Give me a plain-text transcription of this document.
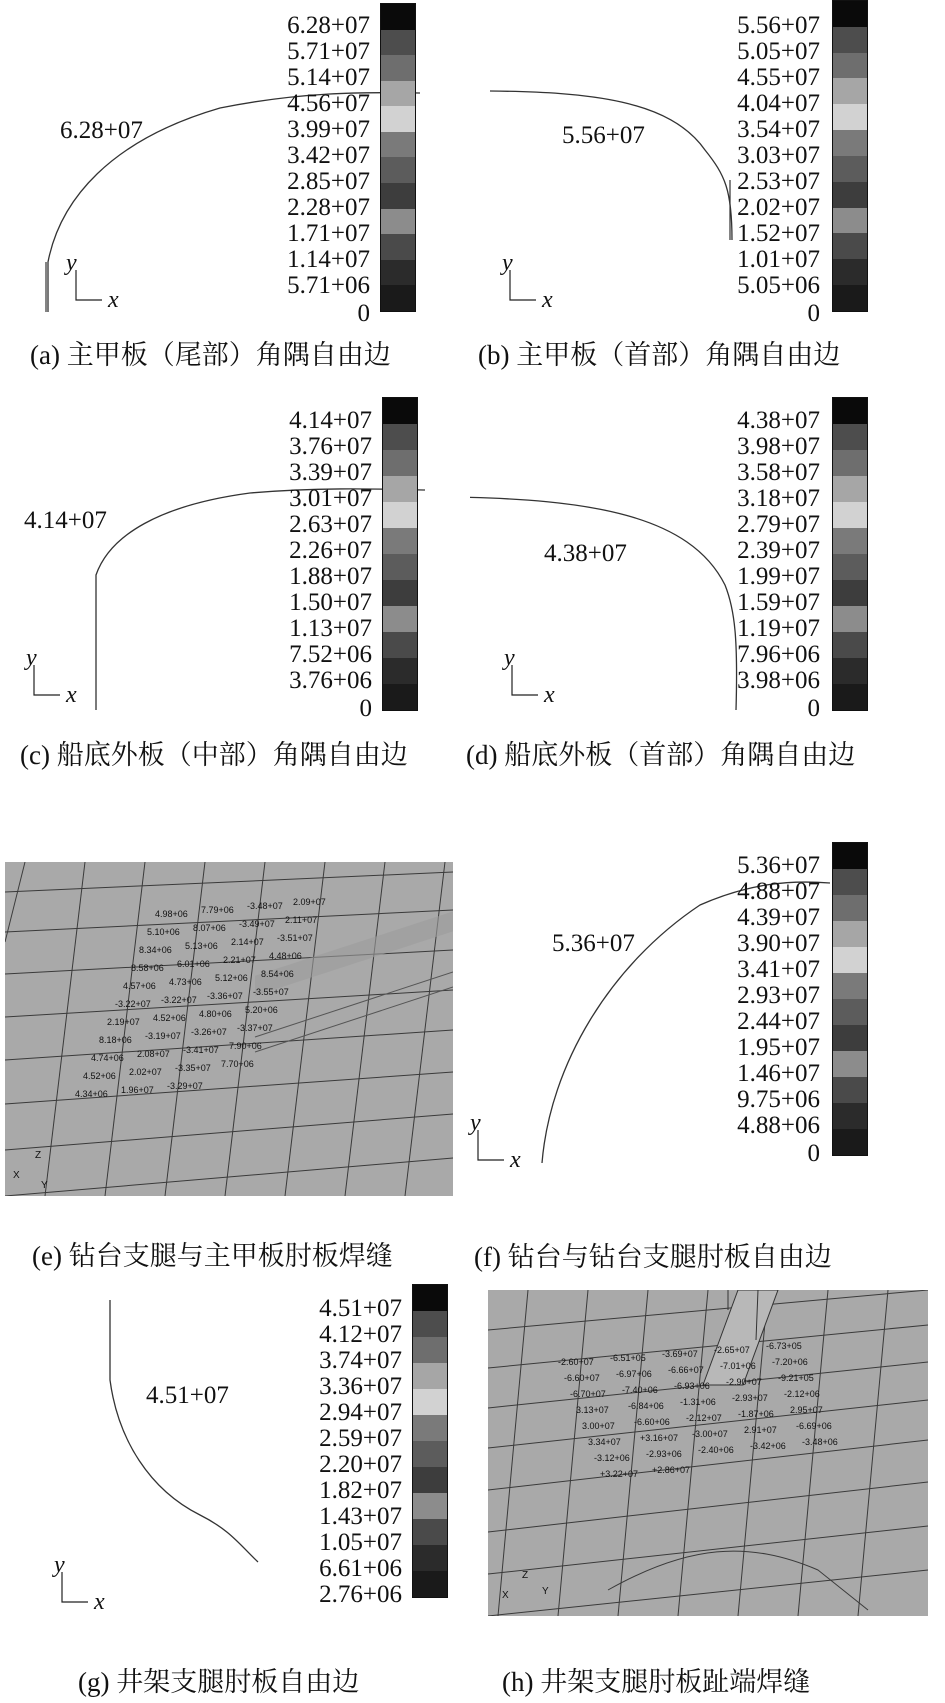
6.28+07
y
x
6.28+07
5.71+07
5.14+07
4.56+07
3.99+07
3.42+07
2.85+07
2.28+07
1.71+07
1.14+07
5.71+06
0
(a) 主甲板（尾部）角隅自由边
5.56+07
y
x
5.56+07
5.05+07
4.55+07
4.04+07
3.54+07
3.03+07
2.53+07
2.02+07
1.52+07
1.01+07
5.05+06
0
(b) 主甲板（首部）角隅自由边
4.14+07
y
x
4.14+07
3.76+07
3.39+07
3.01+07
2.63+07
2.26+07
1.88+07
1.50+07
1.13+07
7.52+06
3.76+06
0
(c) 船底外板（中部）角隅自由边
4.38+07
y
x
4.38+07
3.98+07
3.58+07
3.18+07
2.79+07
2.39+07
1.99+07
1.59+07
1.19+07
7.96+06
3.98+06
0
(d) 船底外板（首部）角隅自由边
4.98+06 7.79+06 -3.48+07 2.09+07
5.10+06 8.07+06 -3.49+07 2.11+07
8.34+06 5.13+06 2.14+07 -3.51+07
8.58+06 6.01+06 2.21+07 4.48+06
4.57+06 4.73+06 5.12+06 8.54+06
-3.22+07 -3.22+07 -3.36+07 -3.55+07
2.19+07 4.52+06 4.80+06 5.20+06
8.18+06 -3.19+07 -3.26+07 -3.37+07
4.74+06 2.08+07 -3.41+07 7.90+06
4.52+06 2.02+07 -3.35+07 7.70+06
4.34+06 1.96+07 -3.29+07
Z
X
Y
(e) 钻台支腿与主甲板肘板焊缝
5.36+07
y
x
5.36+07
4.88+07
4.39+07
3.90+07
3.41+07
2.93+07
2.44+07
1.95+07
1.46+07
9.75+06
4.88+06
0
(f) 钻台与钻台支腿肘板自由边
4.51+07
y
x
4.51+07
4.12+07
3.74+07
3.36+07
2.94+07
2.59+07
2.20+07
1.82+07
1.43+07
1.05+07
6.61+06
2.76+06
(g) 井架支腿肘板自由边
-2.60+07 -6.51+05 -3.69+07 -2.65+07 -6.73+05
-6.60+07 -6.97+06 -6.66+07 -7.01+06 -7.20+06
-6.70+07 -7.40+06 -6.93+06 -2.90+07 -9.21+05
3.13+07 -6.84+06 -1.31+06 -2.93+07 -2.12+06
3.00+07 -6.60+06 -2.12+07 -1.87+06 2.95+07
3.34+07 +3.16+07 -3.00+07 2.91+07 -6.69+06
-3.12+06 -2.93+06 -2.40+06 -3.42+06 -3.48+06
+3.22+07 +2.86+07
Z
X	Y
(h) 井架支腿肘板趾端焊缝
